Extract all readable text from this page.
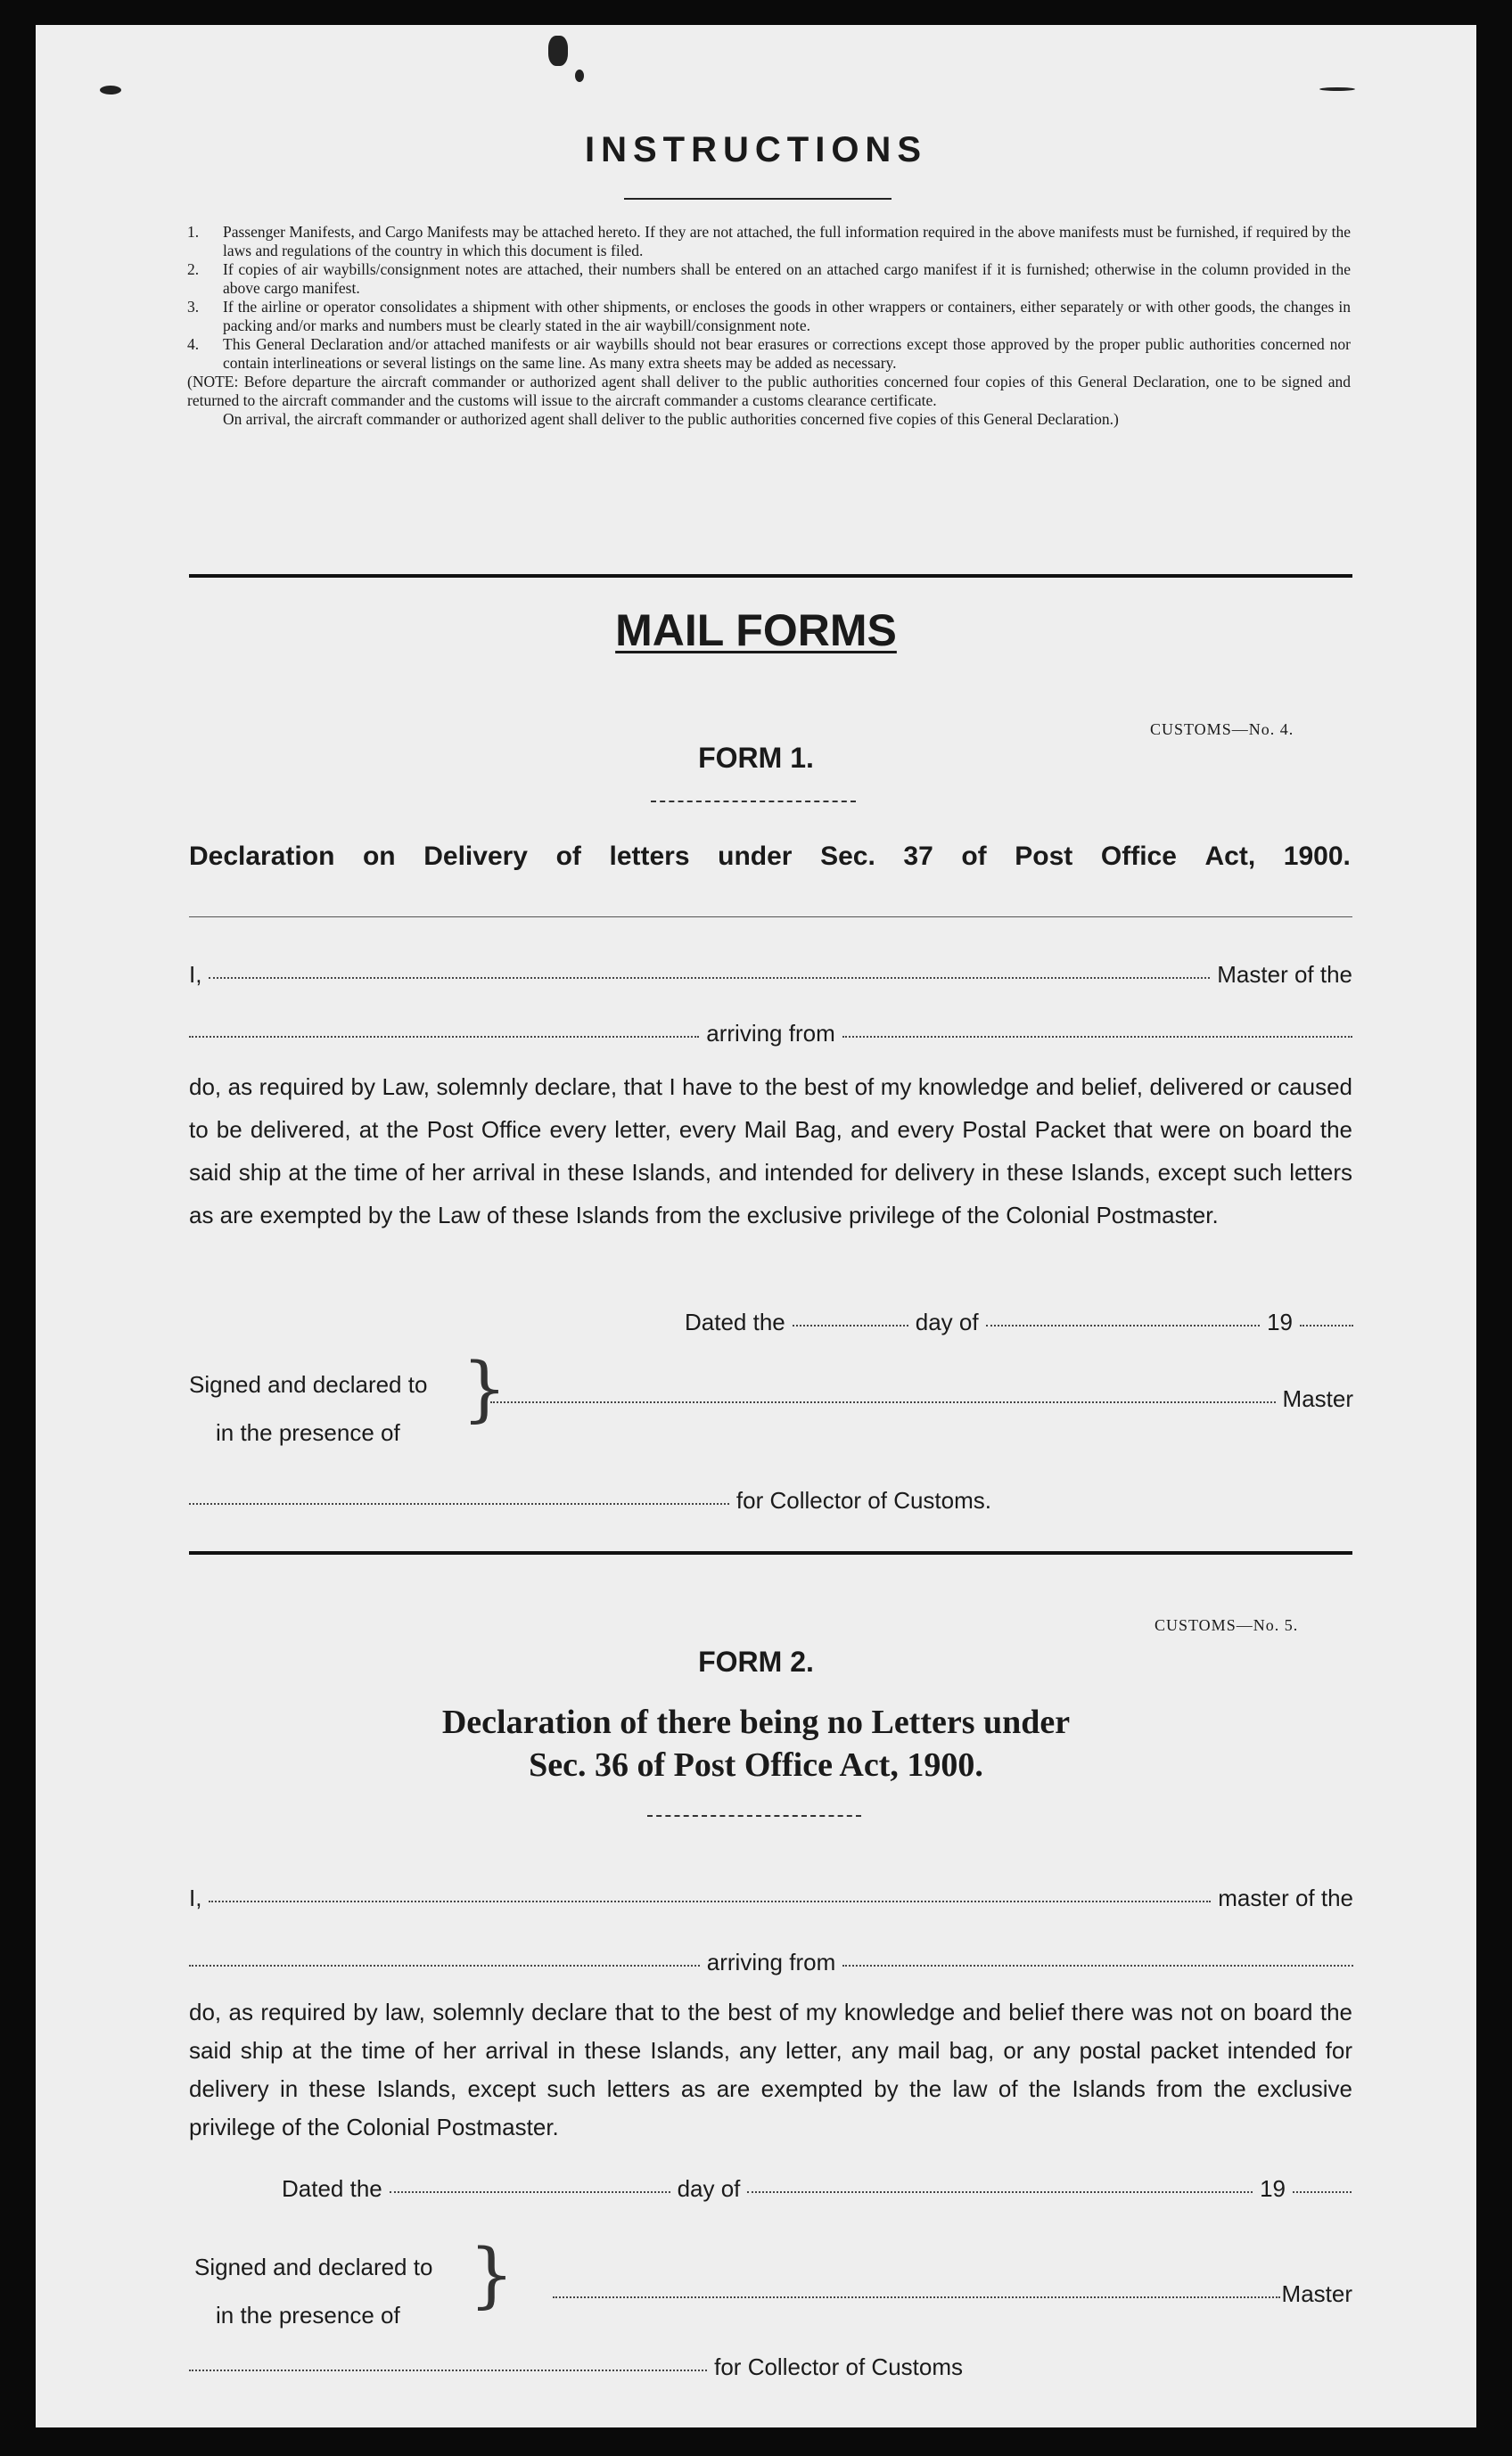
INSTRUCTIONS
1.	Passenger Manifests, and Cargo Manifests may be attached hereto. If they are not attached, the full information required in the above manifests must be furnished, if required by the laws and regulations of the country in which this document is filed.
2.	If copies of air waybills/consignment notes are attached, their numbers shall be entered on an attached cargo manifest if it is furnished; otherwise in the column provided in the above cargo manifest.
3.	If the airline or operator consolidates a shipment with other shipments, or encloses the goods in other wrappers or containers, either separately or with other goods, the changes in packing and/or marks and numbers must be clearly stated in the air waybill/consignment note.
4.	This General Declaration and/or attached manifests or air waybills should not bear erasures or corrections except those approved by the proper public authorities concerned nor contain interlineations or several listings on the same line. As many extra sheets may be added as necessary.
(NOTE: Before departure the aircraft commander or authorized agent shall deliver to the public authorities concerned four copies of this General Declaration, one to be signed and returned to the aircraft commander and the customs will issue to the aircraft commander a customs clearance certificate.
On arrival, the aircraft commander or authorized agent shall deliver to the public authorities concerned five copies of this General Declaration.)
MAIL FORMS
CUSTOMS—No. 4.
FORM 1.
Declaration on Delivery of letters under Sec. 37 of Post Office Act, 1900.
I,	Master of the
arriving from
do, as required by Law, solemnly declare, that I have to the best of my knowledge and belief, delivered or caused to be delivered, at the Post Office every letter, every Mail Bag, and every Postal Packet that were on board the said ship at the time of her arrival in these Islands, and intended for delivery in these Islands, except such letters as are exempted by the Law of these Islands from the exclusive privilege of the Colonial Postmaster.
Dated the	day of	19
Signed and declared to
in the presence of
}	Master
for Collector of Customs.
CUSTOMS—No. 5.
FORM 2.
Declaration of there being no Letters under
Sec. 36 of Post Office Act, 1900.
I,	master of the
arriving from
do, as required by law, solemnly declare that to the best of my knowledge and belief there was not on board the said ship at the time of her arrival in these Islands, any letter, any mail bag, or any postal packet intended for delivery in these Islands, except such letters as are exempted by the law of the Islands from the exclusive privilege of the Colonial Postmaster.
Dated the	day of	19
Signed and declared to
in the presence of }	Master
for Collector of Customs
